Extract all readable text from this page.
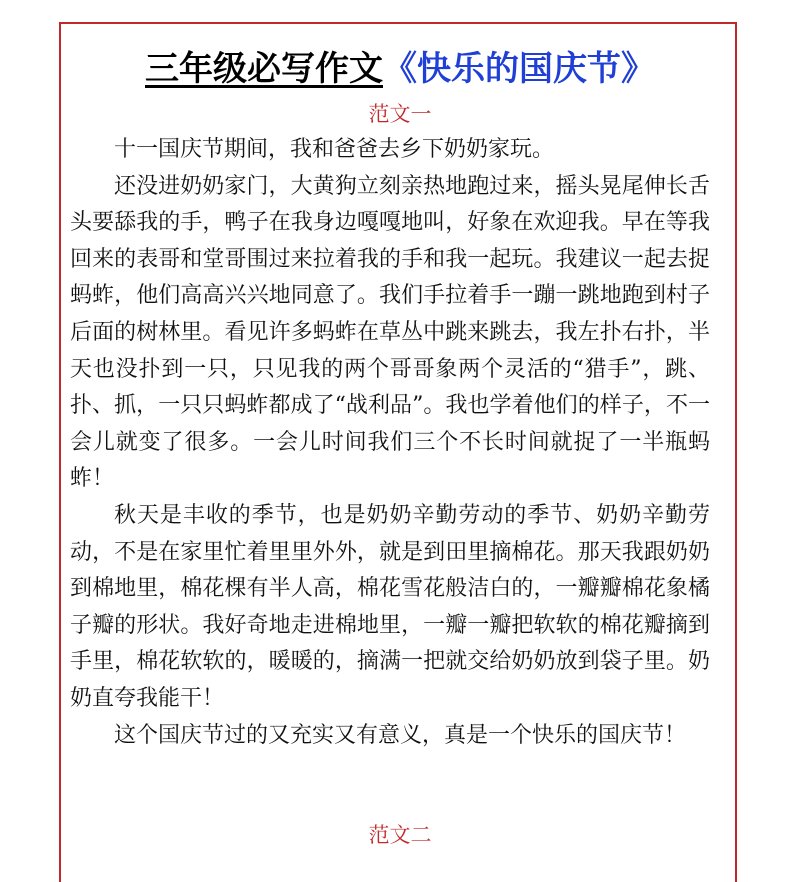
三年级必写作文《快乐的国庆节》
范文一

十一国庆节期间，我和爸爸去乡下奶奶家玩。

还没进奶奶家门，大黄狗立刻亲热地跑过来，摇头晃尾伸长舌头要舔我的手，鸭子在我身边嘎嘎地叫，好象在欢迎我。早在等我回来的表哥和堂哥围过来拉着我的手和我一起玩。我建议一起去捉蚂蚱，他们高高兴兴地同意了。我们手拉着手一蹦一跳地跑到村子后面的树林里。看见许多蚂蚱在草丛中跳来跳去，我左扑右扑，半天也没扑到一只，只见我的两个哥哥象两个灵活的“猎手”，跳、扑、抓，一只只蚂蚱都成了“战利品”。我也学着他们的样子，不一会儿就变了很多。一会儿时间我们三个不长时间就捉了一半瓶蚂蚱！

秋天是丰收的季节，也是奶奶辛勤劳动的季节、奶奶辛勤劳动，不是在家里忙着里里外外，就是到田里摘棉花。那天我跟奶奶到棉地里，棉花棵有半人高，棉花雪花般洁白的，一瓣瓣棉花象橘子瓣的形状。我好奇地走进棉地里，一瓣一瓣把软软的棉花瓣摘到手里，棉花软软的，暖暖的，摘满一把就交给奶奶放到袋子里。奶奶直夸我能干！

这个国庆节过的又充实又有意义，真是一个快乐的国庆节！

范文二
